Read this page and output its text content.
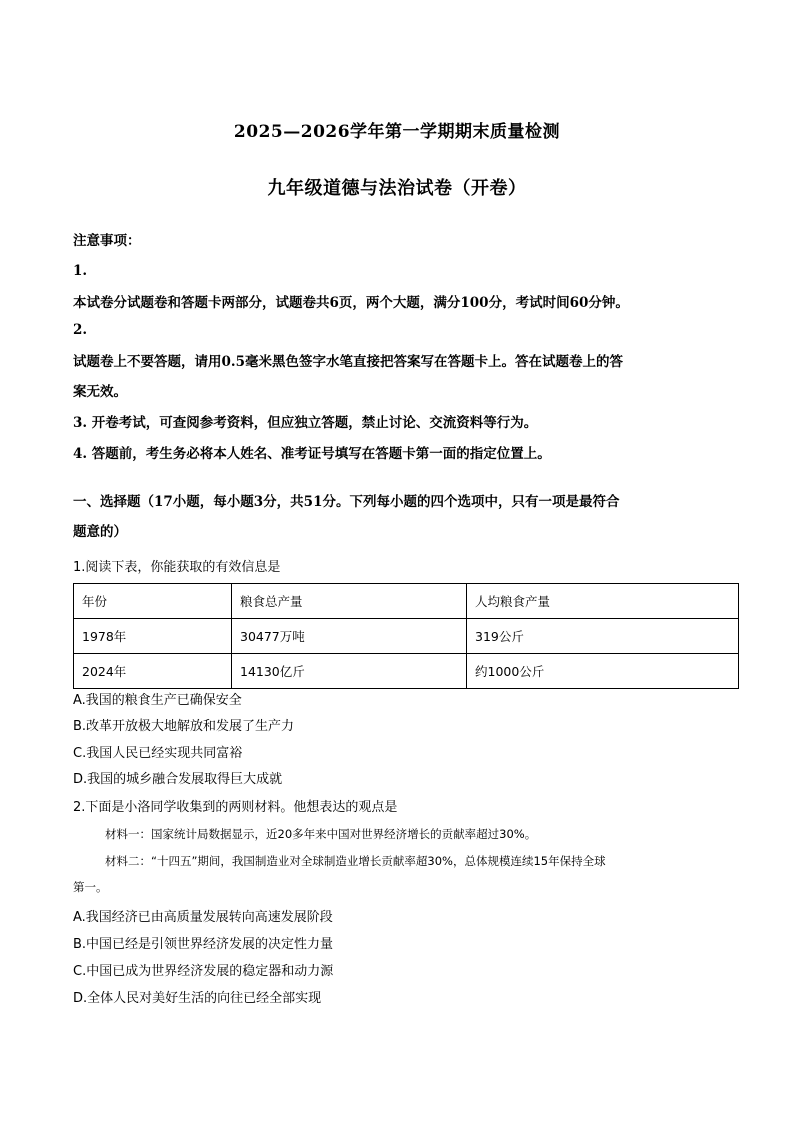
2025—2026学年第一学期期末质量检测
九年级道德与法治试卷（开卷）
注意事项：
1.
本试卷分试题卷和答题卡两部分，试题卷共6页，两个大题，满分100分，考试时间60分钟。
2.
试题卷上不要答题，请用0.5毫米黑色签字水笔直接把答案写在答题卡上。答在试题卷上的答
案无效。
3. 开卷考试，可查阅参考资料，但应独立答题，禁止讨论、交流资料等行为。
4. 答题前，考生务必将本人姓名、准考证号填写在答题卡第一面的指定位置上。
一、选择题（17小题，每小题3分，共51分。下列每小题的四个选项中，只有一项是最符合
题意的）
1.阅读下表，你能获取的有效信息是
年份	粮食总产量	人均粮食产量
1978年	30477万吨	319公斤
2024年	14130亿斤	约1000公斤
A.我国的粮食生产已确保安全
B.改革开放极大地解放和发展了生产力
C.我国人民已经实现共同富裕
D.我国的城乡融合发展取得巨大成就
2.下面是小洛同学收集到的两则材料。他想表达的观点是
材料一：国家统计局数据显示，近20多年来中国对世界经济增长的贡献率超过30%。
材料二：“十四五”期间，我国制造业对全球制造业增长贡献率超30%，总体规模连续15年保持全球
第一。
A.我国经济已由高质量发展转向高速发展阶段
B.中国已经是引领世界经济发展的决定性力量
C.中国已成为世界经济发展的稳定器和动力源
D.全体人民对美好生活的向往已经全部实现
